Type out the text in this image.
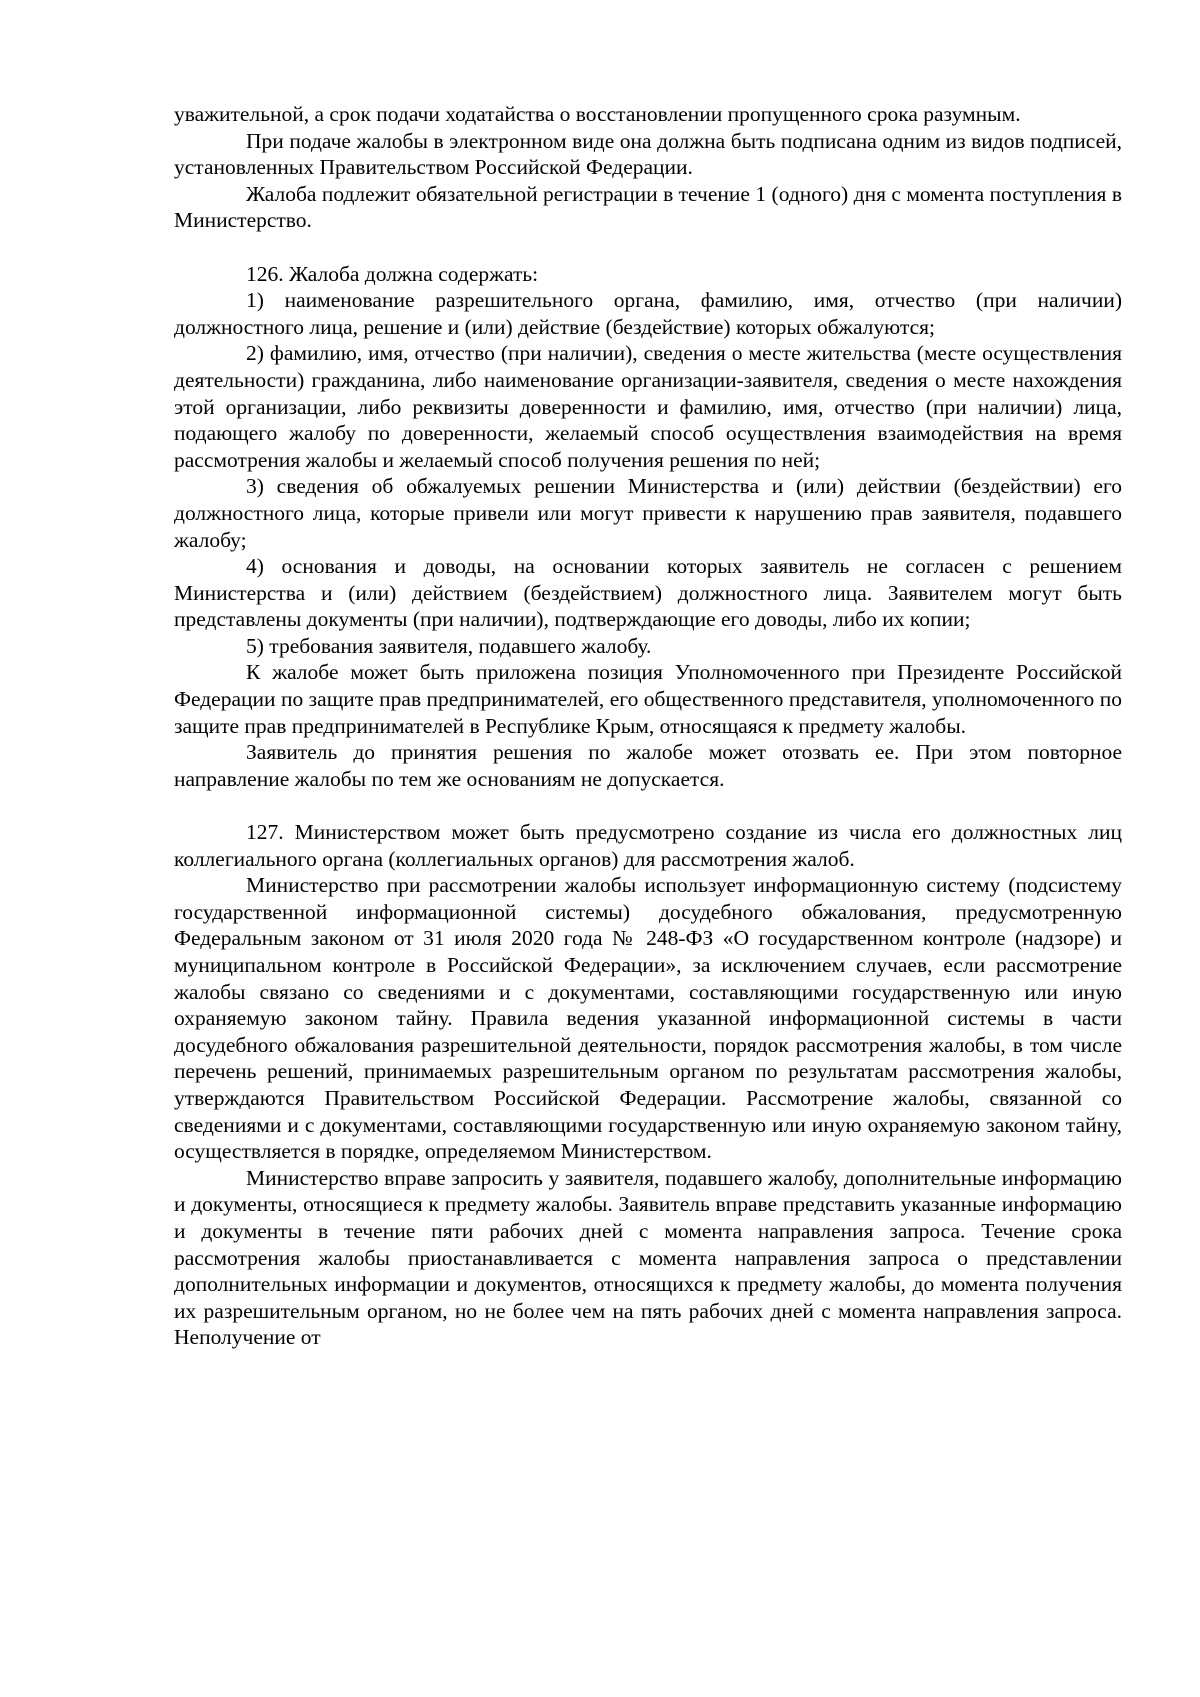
уважительной, а срок подачи ходатайства о восстановлении пропущенного срока разумным.

При подаче жалобы в электронном виде она должна быть подписана одним из видов подписей, установленных Правительством Российской Федерации.

Жалоба подлежит обязательной регистрации в течение 1 (одного) дня с момента поступления в Министерство.

126. Жалоба должна содержать:

1) наименование разрешительного органа, фамилию, имя, отчество (при наличии) должностного лица, решение и (или) действие (бездействие) которых обжалуются;

2) фамилию, имя, отчество (при наличии), сведения о месте жительства (месте осуществления деятельности) гражданина, либо наименование организации-заявителя, сведения о месте нахождения этой организации, либо реквизиты доверенности и фамилию, имя, отчество (при наличии) лица, подающего жалобу по доверенности, желаемый способ осуществления взаимодействия на время рассмотрения жалобы и желаемый способ получения решения по ней;

3) сведения об обжалуемых решении Министерства и (или) действии (бездействии) его должностного лица, которые привели или могут привести к нарушению прав заявителя, подавшего жалобу;

4) основания и доводы, на основании которых заявитель не согласен с решением Министерства и (или) действием (бездействием) должностного лица. Заявителем могут быть представлены документы (при наличии), подтверждающие его доводы, либо их копии;

5) требования заявителя, подавшего жалобу.

К жалобе может быть приложена позиция Уполномоченного при Президенте Российской Федерации по защите прав предпринимателей, его общественного представителя, уполномоченного по защите прав предпринимателей в Республике Крым, относящаяся к предмету жалобы.

Заявитель до принятия решения по жалобе может отозвать ее. При этом повторное направление жалобы по тем же основаниям не допускается.

127. Министерством может быть предусмотрено создание из числа его должностных лиц коллегиального органа (коллегиальных органов) для рассмотрения жалоб.

Министерство при рассмотрении жалобы использует информационную систему (подсистему государственной информационной системы) досудебного обжалования, предусмотренную Федеральным законом от 31 июля 2020 года № 248-ФЗ «О государственном контроле (надзоре) и муниципальном контроле в Российской Федерации», за исключением случаев, если рассмотрение жалобы связано со сведениями и с документами, составляющими государственную или иную охраняемую законом тайну. Правила ведения указанной информационной системы в части досудебного обжалования разрешительной деятельности, порядок рассмотрения жалобы, в том числе перечень решений, принимаемых разрешительным органом по результатам рассмотрения жалобы, утверждаются Правительством Российской Федерации. Рассмотрение жалобы, связанной со сведениями и с документами, составляющими государственную или иную охраняемую законом тайну, осуществляется в порядке, определяемом Министерством.

Министерство вправе запросить у заявителя, подавшего жалобу, дополнительные информацию и документы, относящиеся к предмету жалобы. Заявитель вправе представить указанные информацию и документы в течение пяти рабочих дней с момента направления запроса. Течение срока рассмотрения жалобы приостанавливается с момента направления запроса о представлении дополнительных информации и документов, относящихся к предмету жалобы, до момента получения их разрешительным органом, но не более чем на пять рабочих дней с момента направления запроса. Неполучение от
